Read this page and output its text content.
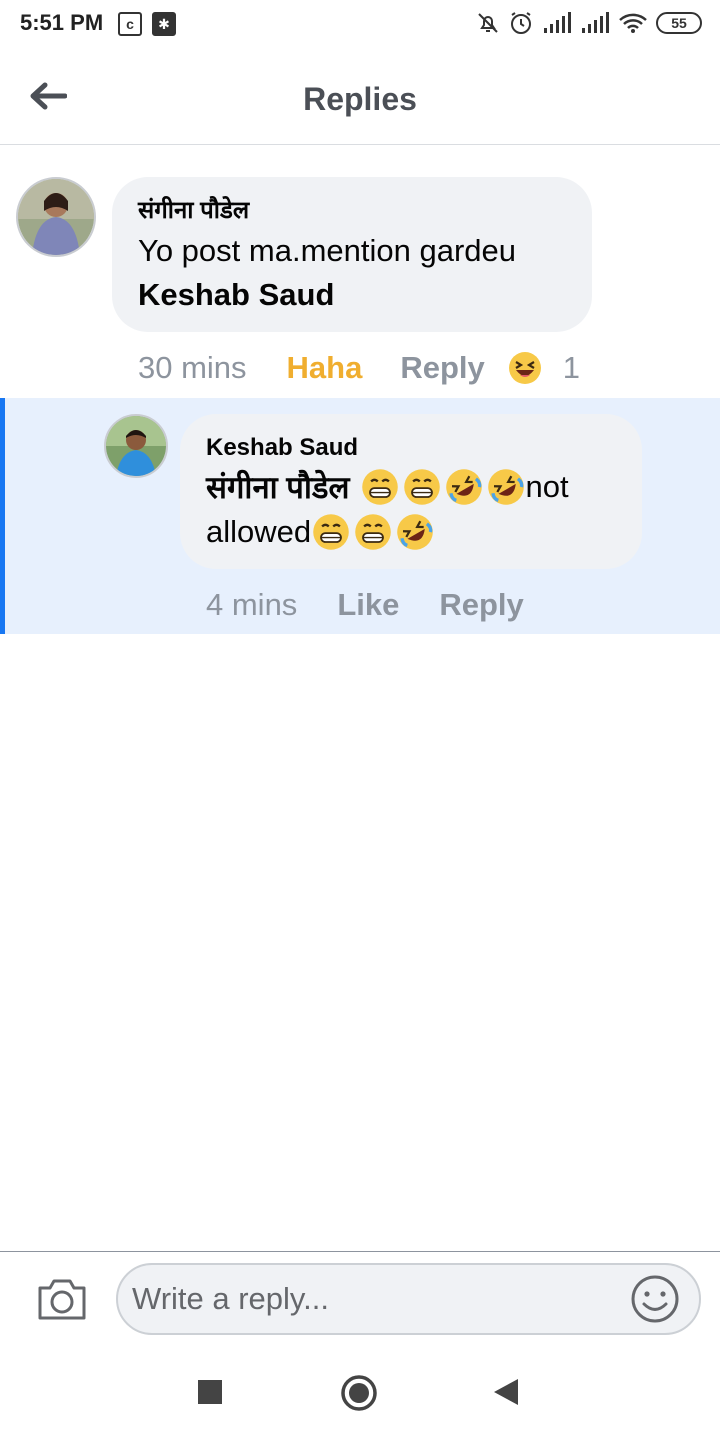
5:51 PM	c	✱	55
Replies
संगीना पौडेल
Yo post ma.mention gardeu
Keshab Saud
30 mins Haha Reply	1
Keshab Saud
संगीना पौडेल	not
allowed
4 mins Like Reply
Write a reply...
